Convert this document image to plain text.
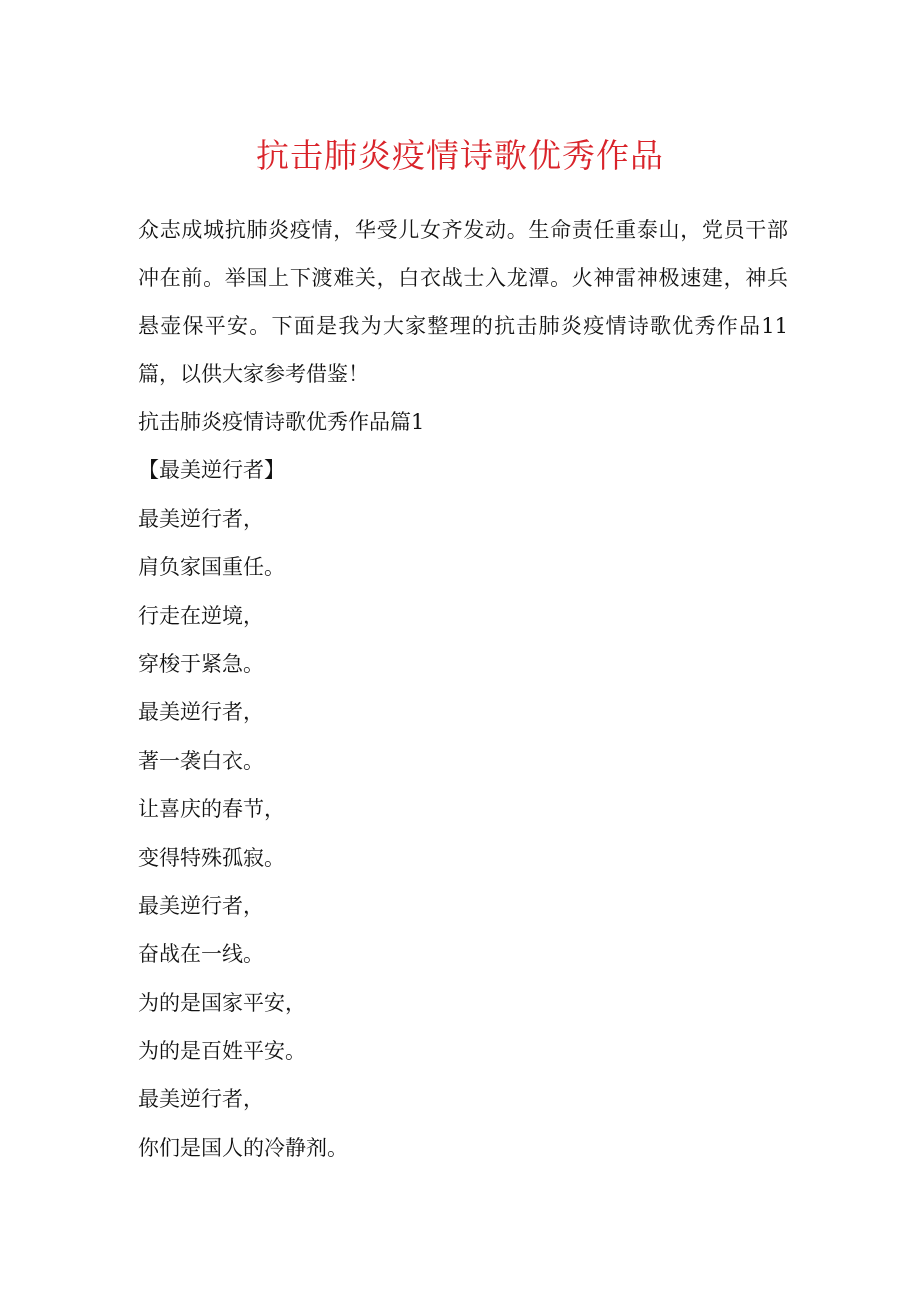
抗击肺炎疫情诗歌优秀作品

众志成城抗肺炎疫情，华受儿女齐发动。生命责任重泰山，党员干部冲在前。举国上下渡难关，白衣战士入龙潭。火神雷神极速建，神兵悬壶保平安。下面是我为大家整理的抗击肺炎疫情诗歌优秀作品11篇，以供大家参考借鉴！

抗击肺炎疫情诗歌优秀作品篇1
【最美逆行者】
最美逆行者，
肩负家国重任。
行走在逆境，
穿梭于紧急。
最美逆行者，
著一袭白衣。
让喜庆的春节，
变得特殊孤寂。
最美逆行者，
奋战在一线。
为的是国家平安，
为的是百姓平安。
最美逆行者，
你们是国人的冷静剂。
